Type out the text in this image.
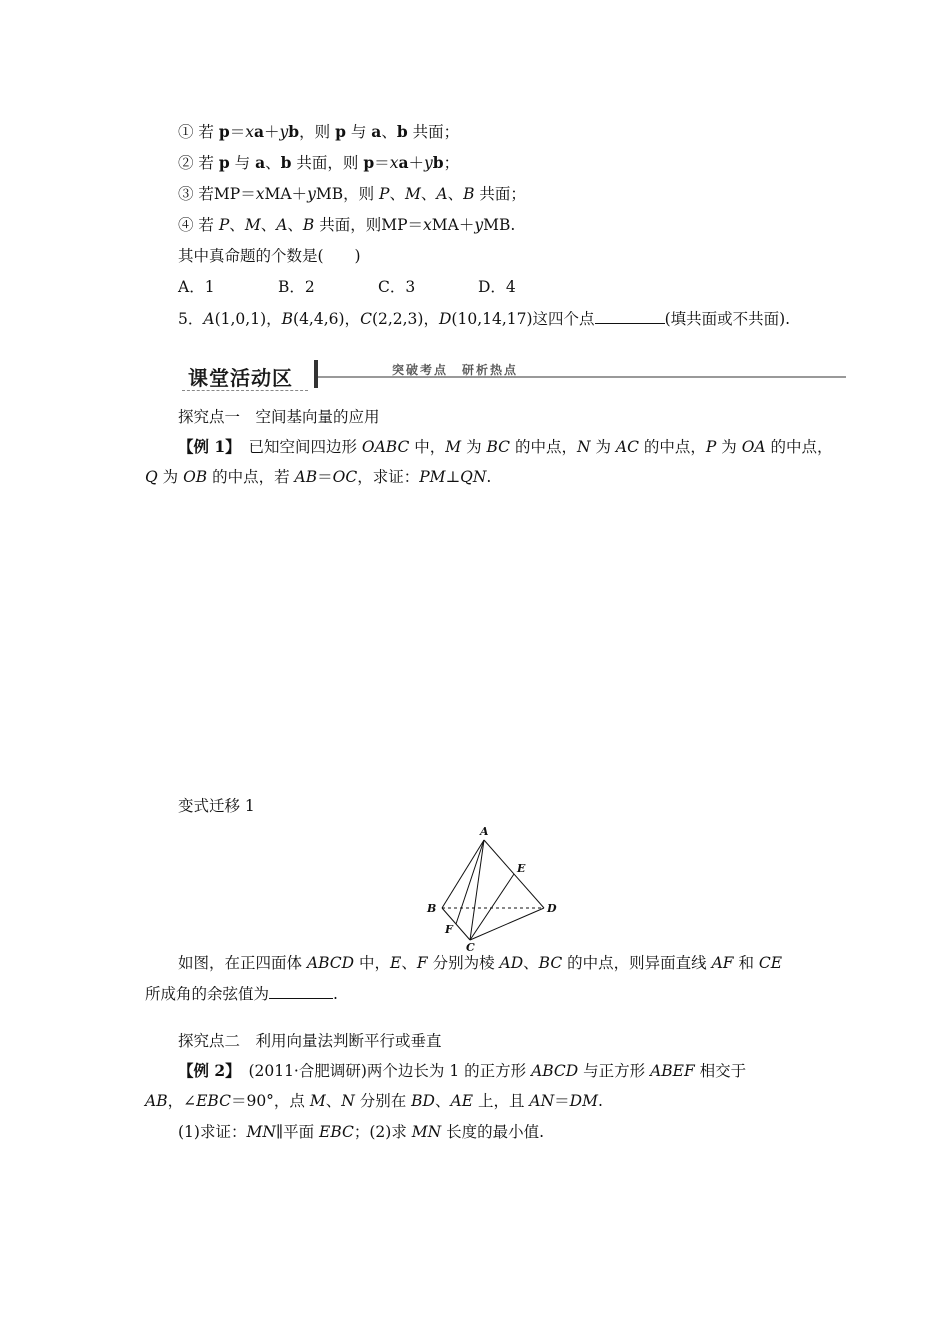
① 若 p＝xa＋yb，则 p 与 a、b 共面；
② 若 p 与 a、b 共面，则 p＝xa＋yb；
③ 若MP＝xMA＋yMB，则 P、M、A、B 共面；
④ 若 P、M、A、B 共面，则MP＝xMA＋yMB.
其中真命题的个数是(　　)
A．1	B．2	C．3	D．4
5．A(1,0,1)，B(4,4,6)，C(2,2,3)，D(10,14,17)这四个点	(填共面或不共面).
课堂活动区	突破考点　研析热点
探究点一　空间基向量的应用
【例 1】　已知空间四边形 OABC 中，M 为 BC 的中点，N 为 AC 的中点，P 为 OA 的中点，
Q 为 OB 的中点，若 AB＝OC，求证：PM⊥QN.
变式迁移 1
A
E
B	D
F
C
如图，在正四面体 ABCD 中，E、F 分别为棱 AD、BC 的中点，则异面直线 AF 和 CE
所成角的余弦值为	.
探究点二　利用向量法判断平行或垂直
【例 2】　(2011·合肥调研)两个边长为 1 的正方形 ABCD 与正方形 ABEF 相交于
AB，∠EBC＝90°，点 M、N 分别在 BD、AE 上，且 AN＝DM.
(1)求证：MN∥平面 EBC；(2)求 MN 长度的最小值.
